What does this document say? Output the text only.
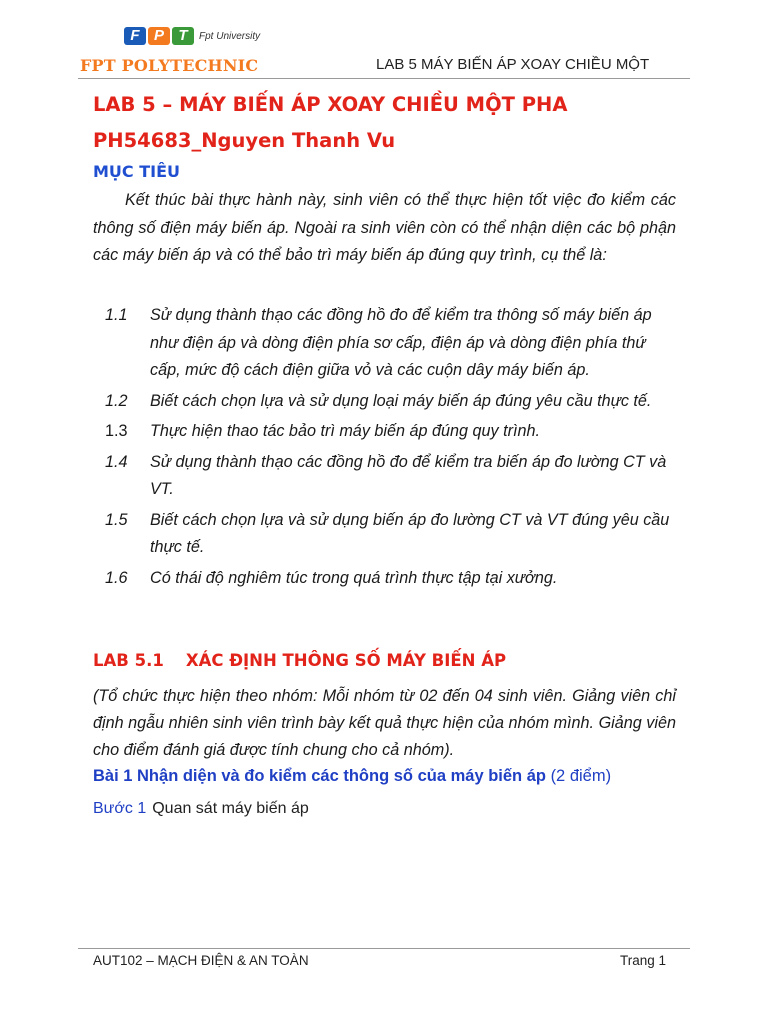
F P T	Fpt University
FPT POLYTECHNIC	LAB 5 MÁY BIẾN ÁP XOAY CHIỀU MỘT
LAB 5 – MÁY BIẾN ÁP XOAY CHIỀU MỘT PHA
PH54683_Nguyen Thanh Vu
MỤC TIÊU
Kết thúc bài thực hành này, sinh viên có thể thực hiện tốt việc đo kiểm các thông số điện máy biến áp. Ngoài ra sinh viên còn có thể nhận diện các bộ phận các máy biến áp và có thể bảo trì máy biến áp đúng quy trình, cụ thể là:
1.1	Sử dụng thành thạo các đồng hồ đo để kiểm tra thông số máy biến áp như điện áp và dòng điện phía sơ cấp, điện áp và dòng điện phía thứ cấp, mức độ cách điện giữa vỏ và các cuộn dây máy biến áp.
1.2	Biết cách chọn lựa và sử dụng loại máy biến áp đúng yêu cầu thực tế.
1.3	Thực hiện thao tác bảo trì máy biến áp đúng quy trình.
1.4	Sử dụng thành thạo các đồng hồ đo để kiểm tra biến áp đo lường CT và VT.
1.5	Biết cách chọn lựa và sử dụng biến áp đo lường CT và VT đúng yêu cầu thực tế.
1.6	Có thái độ nghiêm túc trong quá trình thực tập tại xưởng.
LAB 5.1 XÁC ĐỊNH THÔNG SỐ MÁY BIẾN ÁP
(Tổ chức thực hiện theo nhóm: Mỗi nhóm từ 02 đến 04 sinh viên. Giảng viên chỉ định ngẫu nhiên sinh viên trình bày kết quả thực hiện của nhóm mình. Giảng viên cho điểm đánh giá được tính chung cho cả nhóm).
Bài 1 Nhận diện và đo kiểm các thông số của máy biến áp (2 điểm)
Bước 1 Quan sát máy biến áp
AUT102 – MẠCH ĐIỆN & AN TOÀN	Trang 1
